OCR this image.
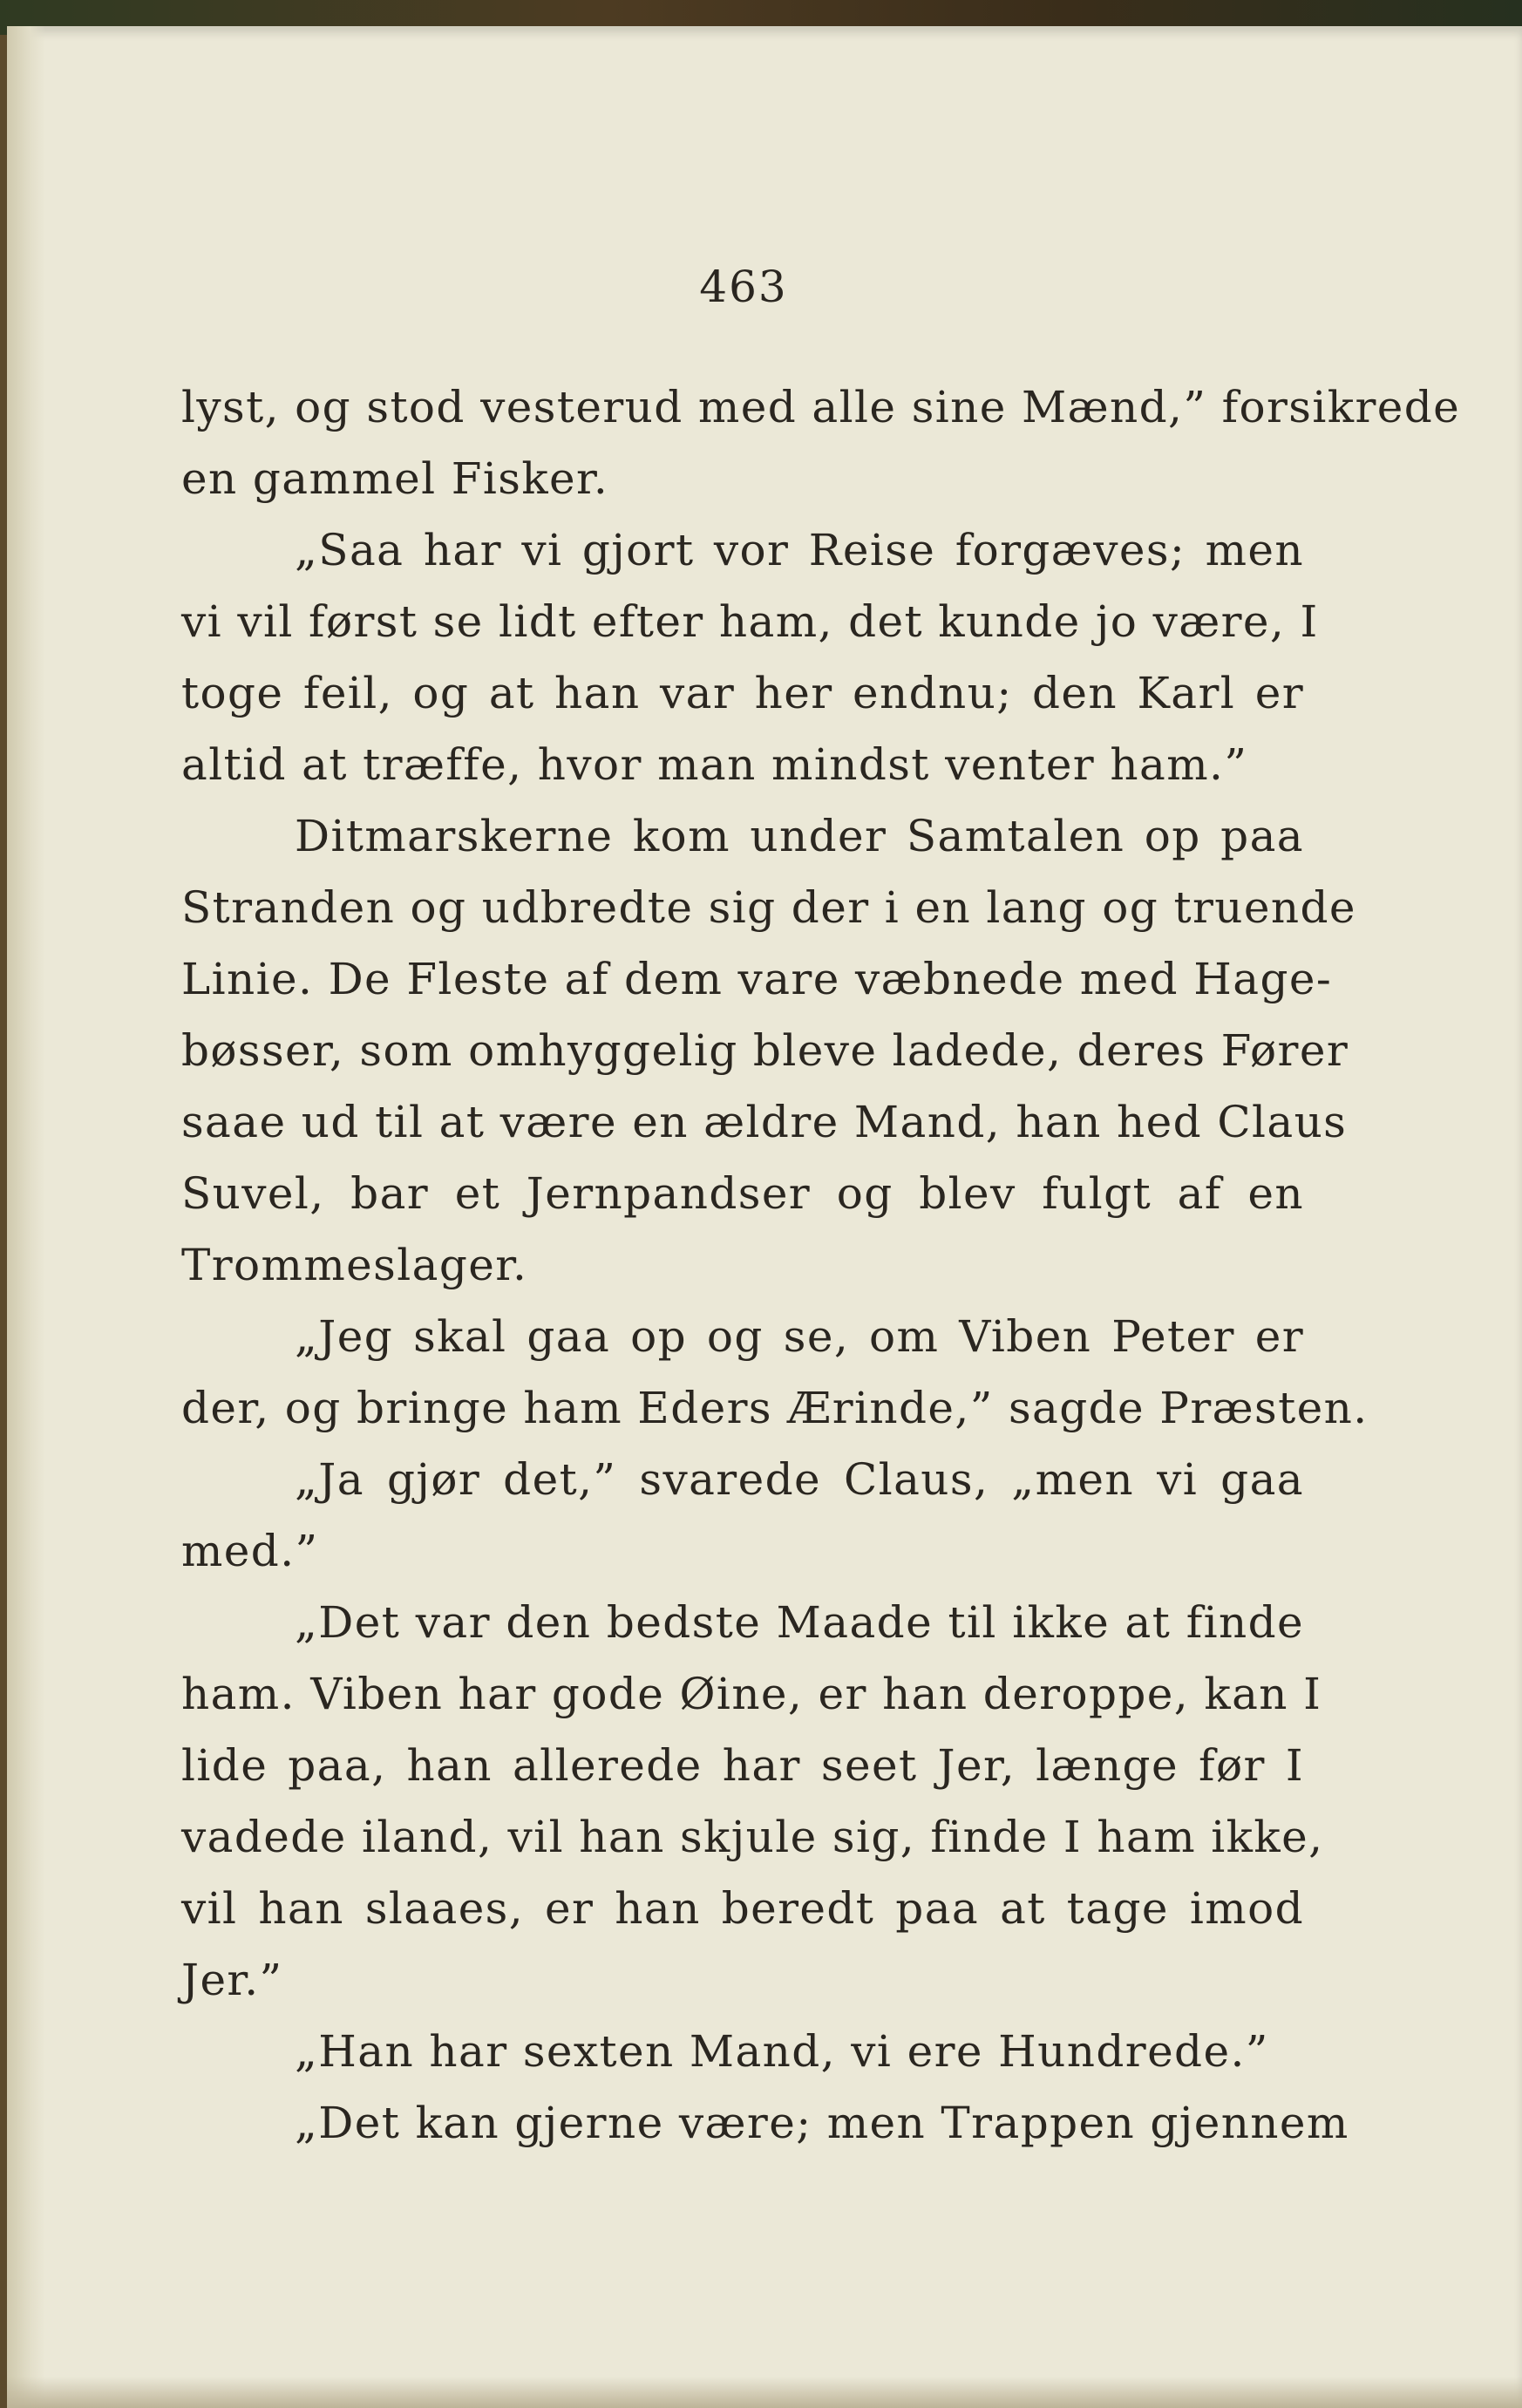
463
lyst, og stod vesterud med alle sine Mænd,” forsikrede
en gammel Fisker.
„Saa har vi gjort vor Reise forgæves; men
vi vil først se lidt efter ham, det kunde jo være, I
toge feil, og at han var her endnu; den Karl er
altid at træffe, hvor man mindst venter ham.”
Ditmarskerne kom under Samtalen op paa
Stranden og udbredte sig der i en lang og truende
Linie. De Fleste af dem vare væbnede med Hage-
bøsser, som omhyggelig bleve ladede, deres Fører
saae ud til at være en ældre Mand, han hed Claus
Suvel, bar et Jernpandser og blev fulgt af en
Trommeslager.
„Jeg skal gaa op og se, om Viben Peter er
der, og bringe ham Eders Ærinde,” sagde Præsten.
„Ja gjør det,” svarede Claus, „men vi gaa
med.”
„Det var den bedste Maade til ikke at finde
ham. Viben har gode Øine, er han deroppe, kan I
lide paa, han allerede har seet Jer, længe før I
vadede iland, vil han skjule sig, finde I ham ikke,
vil han slaaes, er han beredt paa at tage imod
Jer.”
„Han har sexten Mand, vi ere Hundrede.”
„Det kan gjerne være; men Trappen gjennem
